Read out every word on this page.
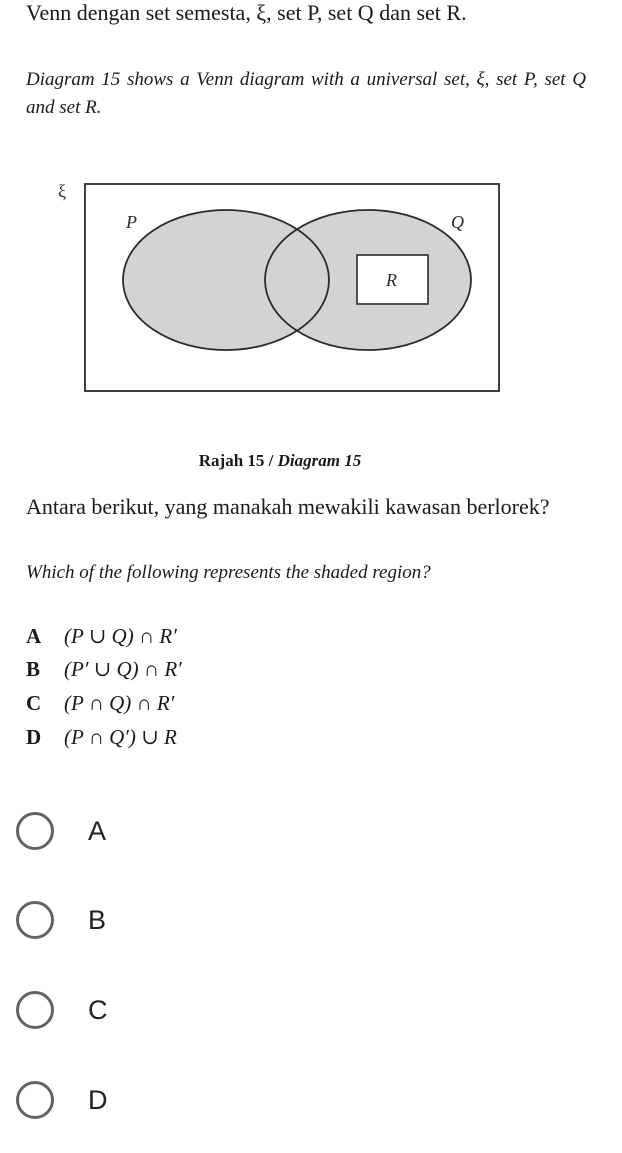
Venn dengan set semesta, ξ, set P, set Q dan set R.
Diagram 15 shows a Venn diagram with a universal set, ξ, set P, set Q and set R.
ξ
P	Q
R
Rajah 15 / Diagram 15
Antara berikut, yang manakah mewakili kawasan berlorek?
Which of the following represents the shaded region?
A (P ∪ Q) ∩ R′
B (P′ ∪ Q) ∩ R′
C (P ∩ Q) ∩ R′
D (P ∩ Q′) ∪ R
A
B
C
D
